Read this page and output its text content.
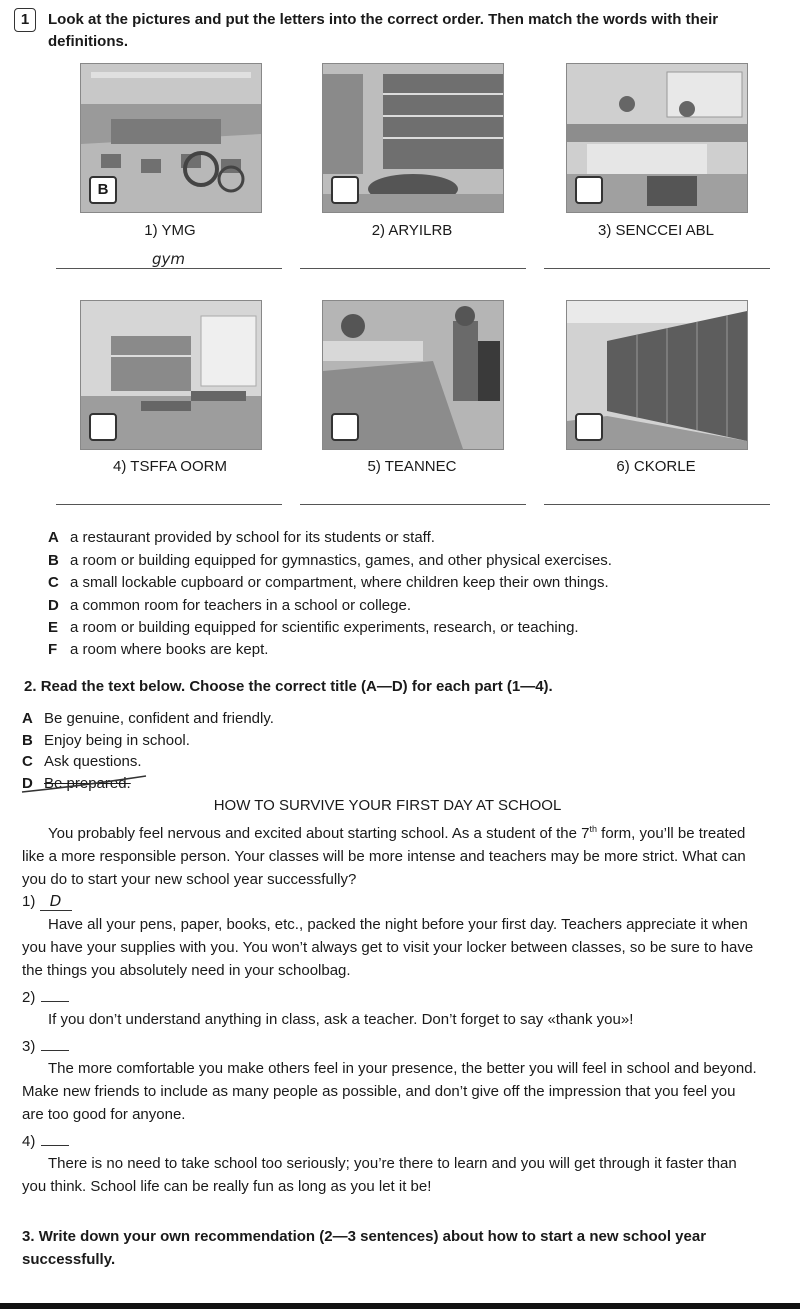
1	Look at the pictures and put the letters into the correct order. Then match the words with their definitions.
B
1) YMG	2) ARYILRB	3) SENCCEI ABL
gym
4) TSFFA OORM	5) TEANNEC	6) CKORLE
A a restaurant provided by school for its students or staff.
B a room or building equipped for gymnastics, games, and other physical exercises.
C a small lockable cupboard or compartment, where children keep their own things.
D a common room for teachers in a school or college.
E a room or building equipped for scientific experiments, research, or teaching.
F a room where books are kept.
2. Read the text below. Choose the correct title (A—D) for each part (1—4).
A Be genuine, confident and friendly.
B Enjoy being in school.
C Ask questions.
D Be prepared.
HOW TO SURVIVE YOUR FIRST DAY AT SCHOOL
You probably feel nervous and excited about starting school. As a student of the 7th form, you’ll be treated like a more responsible person. Your classes will be more intense and teachers may be more strict. What can you do to start your new school year successfully?
1) D
Have all your pens, paper, books, etc., packed the night before your first day. Teachers appreciate it when you have your supplies with you. You won’t always get to visit your locker between classes, so be sure to have the things you absolutely need in your schoolbag.
2)
If you don’t understand anything in class, ask a teacher. Don’t forget to say «thank you»!
3)
The more comfortable you make others feel in your presence, the better you will feel in school and beyond. Make new friends to include as many people as possible, and don’t give off the impression that you feel you are too good for anyone.
4)
There is no need to take school too seriously; you’re there to learn and you will get through it faster than you think. School life can be really fun as long as you let it be!
3. Write down your own recommendation (2—3 sentences) about how to start a new school year successfully.
